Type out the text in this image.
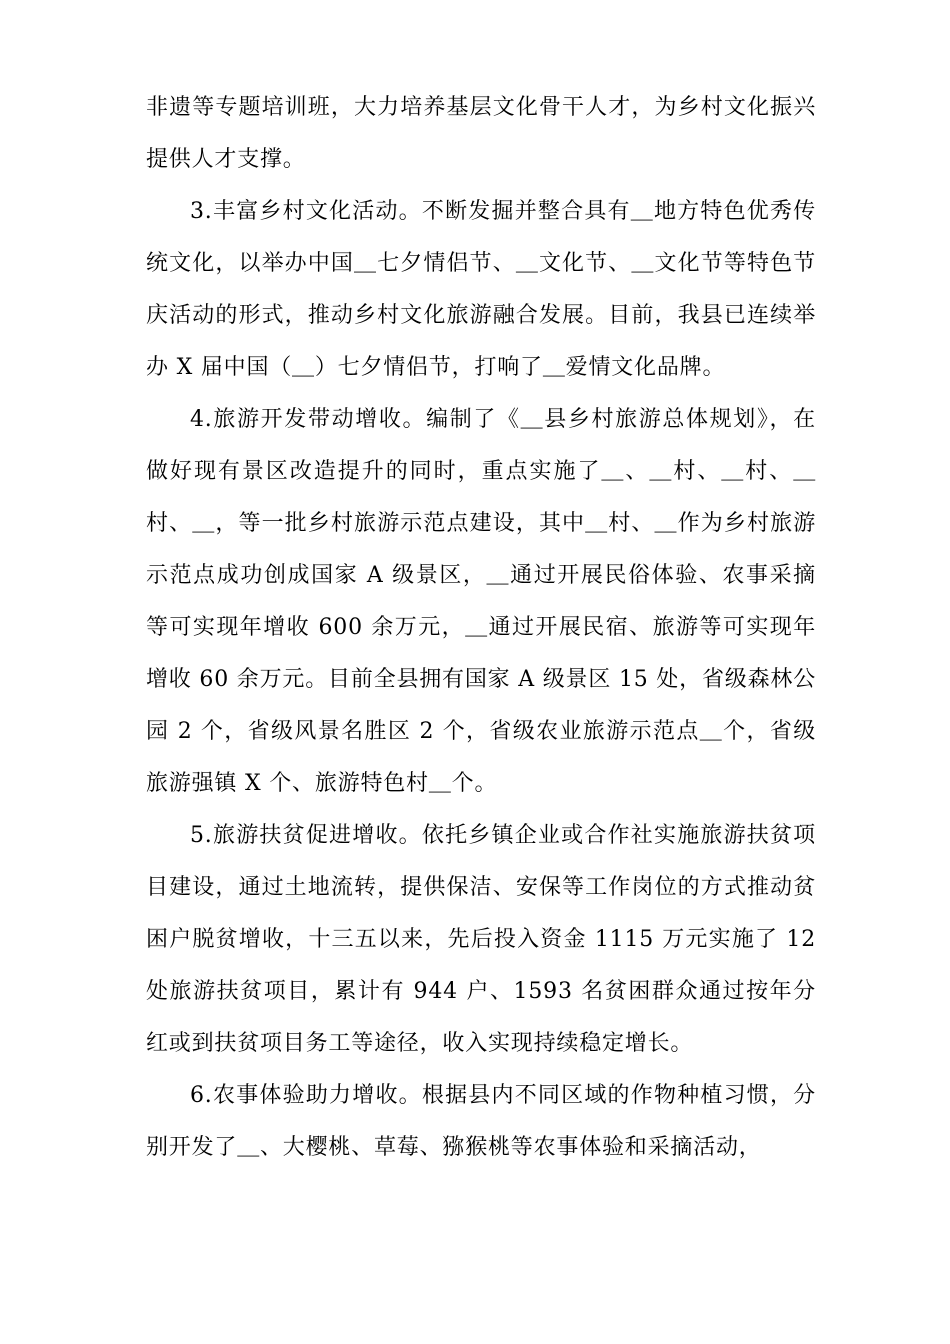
非遗等专题培训班，大力培养基层文化骨干人才，为乡村文化振兴提供人才支撑。

3.丰富乡村文化活动。不断发掘并整合具有＿地方特色优秀传统文化，以举办中国＿七夕情侣节、＿文化节、＿文化节等特色节庆活动的形式，推动乡村文化旅游融合发展。目前，我县已连续举办 X 届中国（＿）七夕情侣节，打响了＿爱情文化品牌。

4.旅游开发带动增收。编制了《＿县乡村旅游总体规划》，在做好现有景区改造提升的同时，重点实施了＿、＿村、＿村、＿村、＿，等一批乡村旅游示范点建设，其中＿村、＿作为乡村旅游示范点成功创成国家 A 级景区，＿通过开展民俗体验、农事采摘等可实现年增收 600 余万元，＿通过开展民宿、旅游等可实现年增收 60 余万元。目前全县拥有国家 A 级景区 15 处，省级森林公园 2 个，省级风景名胜区 2 个，省级农业旅游示范点＿个，省级旅游强镇 X 个、旅游特色村＿个。

5.旅游扶贫促进增收。依托乡镇企业或合作社实施旅游扶贫项目建设，通过土地流转，提供保洁、安保等工作岗位的方式推动贫困户脱贫增收，十三五以来，先后投入资金 1115 万元实施了 12 处旅游扶贫项目，累计有 944 户、1593 名贫困群众通过按年分红或到扶贫项目务工等途径，收入实现持续稳定增长。

6.农事体验助力增收。根据县内不同区域的作物种植习惯，分别开发了＿、大樱桃、草莓、猕猴桃等农事体验和采摘活动，
